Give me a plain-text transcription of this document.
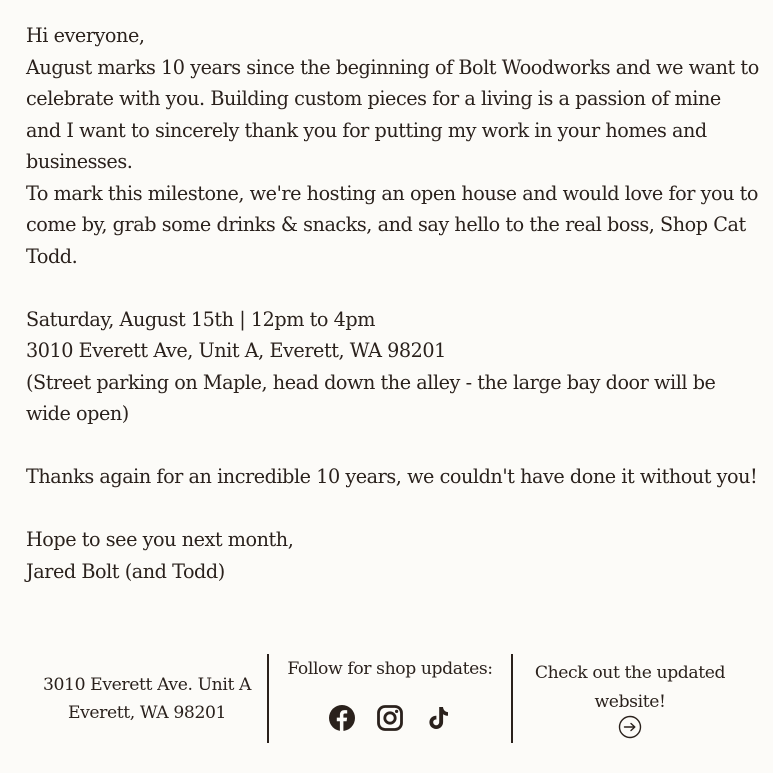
Hi everyone,

August marks 10 years since the beginning of Bolt Woodworks and we want to celebrate with you. Building custom pieces for a living is a passion of mine and I want to sincerely thank you for putting my work in your homes and businesses.

To mark this milestone, we're hosting an open house and would love for you to come by, grab some drinks & snacks, and say hello to the real boss, Shop Cat Todd.

Saturday, August 15th | 12pm to 4pm

3010 Everett Ave, Unit A, Everett, WA 98201

(Street parking on Maple, head down the alley - the large bay door will be wide open)

Thanks again for an incredible 10 years, we couldn't have done it without you!

Hope to see you next month,

Jared Bolt (and Todd)

3010 Everett Ave. Unit A
Everett, WA 98201
Follow for shop updates:	Check out the updated website!
